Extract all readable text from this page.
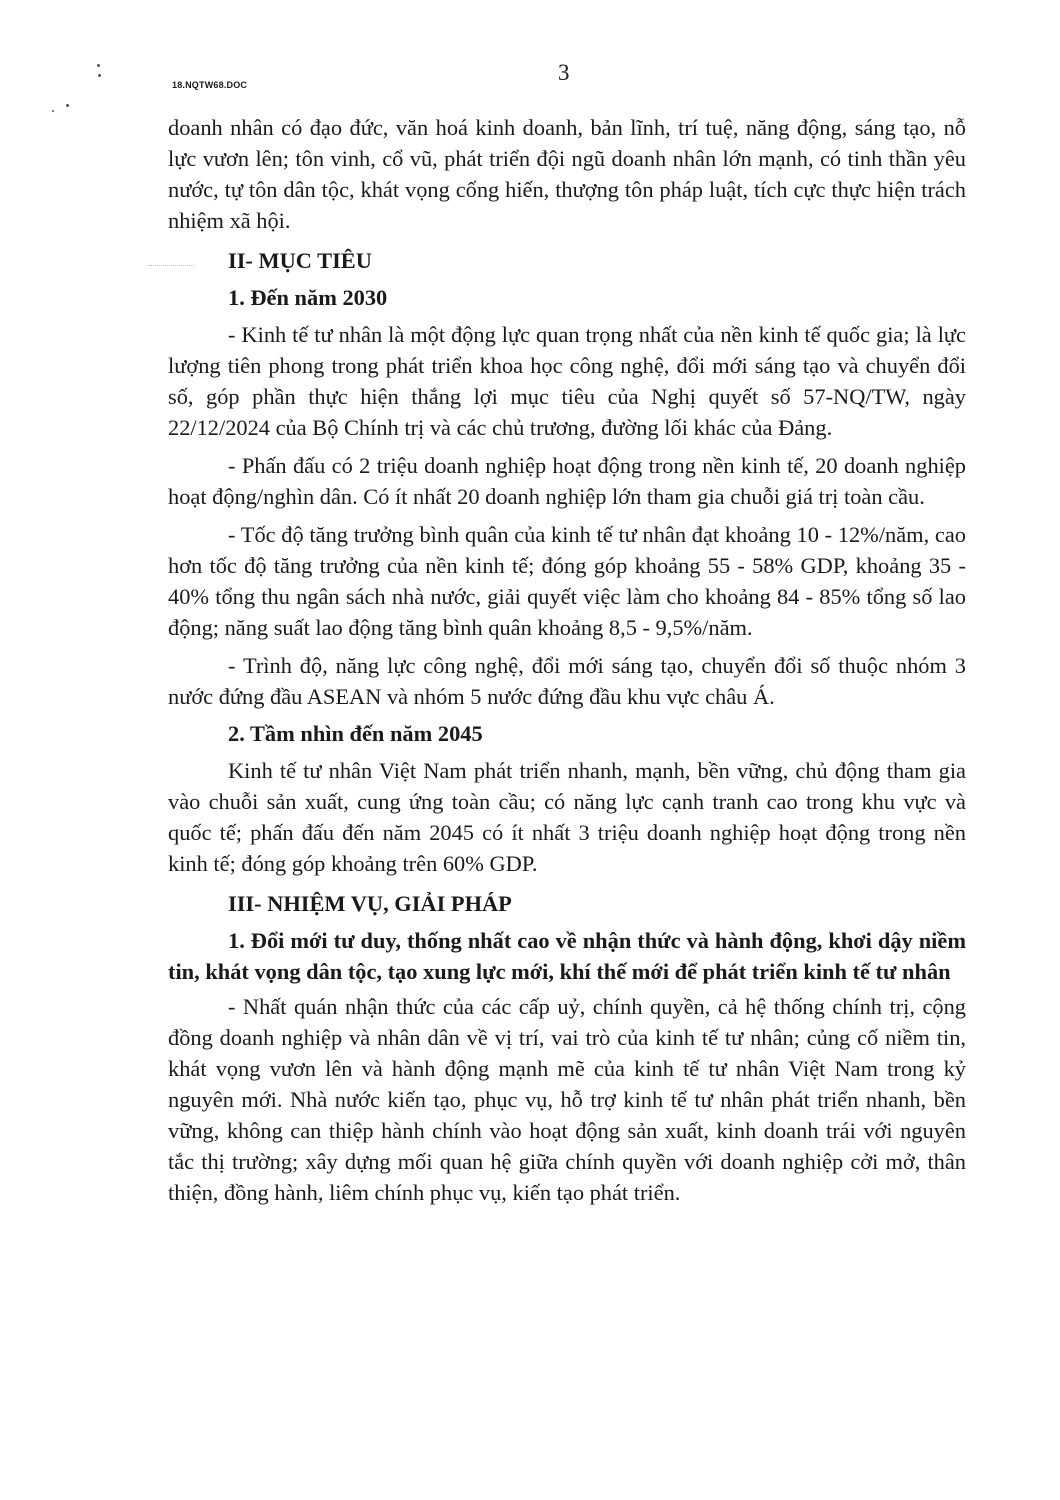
18.NQTW68.DOC	3

doanh nhân có đạo đức, văn hoá kinh doanh, bản lĩnh, trí tuệ, năng động, sáng tạo, nỗ lực vươn lên; tôn vinh, cổ vũ, phát triển đội ngũ doanh nhân lớn mạnh, có tinh thần yêu nước, tự tôn dân tộc, khát vọng cống hiến, thượng tôn pháp luật, tích cực thực hiện trách nhiệm xã hội.

II- MỤC TIÊU

1. Đến năm 2030

- Kinh tế tư nhân là một động lực quan trọng nhất của nền kinh tế quốc gia; là lực lượng tiên phong trong phát triển khoa học công nghệ, đổi mới sáng tạo và chuyển đổi số, góp phần thực hiện thắng lợi mục tiêu của Nghị quyết số 57-NQ/TW, ngày 22/12/2024 của Bộ Chính trị và các chủ trương, đường lối khác của Đảng.

- Phấn đấu có 2 triệu doanh nghiệp hoạt động trong nền kinh tế, 20 doanh nghiệp hoạt động/nghìn dân. Có ít nhất 20 doanh nghiệp lớn tham gia chuỗi giá trị toàn cầu.

- Tốc độ tăng trưởng bình quân của kinh tế tư nhân đạt khoảng 10 - 12%/năm, cao hơn tốc độ tăng trưởng của nền kinh tế; đóng góp khoảng 55 - 58% GDP, khoảng 35 - 40% tổng thu ngân sách nhà nước, giải quyết việc làm cho khoảng 84 - 85% tổng số lao động; năng suất lao động tăng bình quân khoảng 8,5 - 9,5%/năm.

- Trình độ, năng lực công nghệ, đổi mới sáng tạo, chuyển đổi số thuộc nhóm 3 nước đứng đầu ASEAN và nhóm 5 nước đứng đầu khu vực châu Á.

2. Tầm nhìn đến năm 2045

Kinh tế tư nhân Việt Nam phát triển nhanh, mạnh, bền vững, chủ động tham gia vào chuỗi sản xuất, cung ứng toàn cầu; có năng lực cạnh tranh cao trong khu vực và quốc tế; phấn đấu đến năm 2045 có ít nhất 3 triệu doanh nghiệp hoạt động trong nền kinh tế; đóng góp khoảng trên 60% GDP.

III- NHIỆM VỤ, GIẢI PHÁP

1. Đổi mới tư duy, thống nhất cao về nhận thức và hành động, khơi dậy niềm tin, khát vọng dân tộc, tạo xung lực mới, khí thế mới để phát triển kinh tế tư nhân

- Nhất quán nhận thức của các cấp uỷ, chính quyền, cả hệ thống chính trị, cộng đồng doanh nghiệp và nhân dân về vị trí, vai trò của kinh tế tư nhân; củng cố niềm tin, khát vọng vươn lên và hành động mạnh mẽ của kinh tế tư nhân Việt Nam trong kỷ nguyên mới. Nhà nước kiến tạo, phục vụ, hỗ trợ kinh tế tư nhân phát triển nhanh, bền vững, không can thiệp hành chính vào hoạt động sản xuất, kinh doanh trái với nguyên tắc thị trường; xây dựng mối quan hệ giữa chính quyền với doanh nghiệp cởi mở, thân thiện, đồng hành, liêm chính phục vụ, kiến tạo phát triển.
